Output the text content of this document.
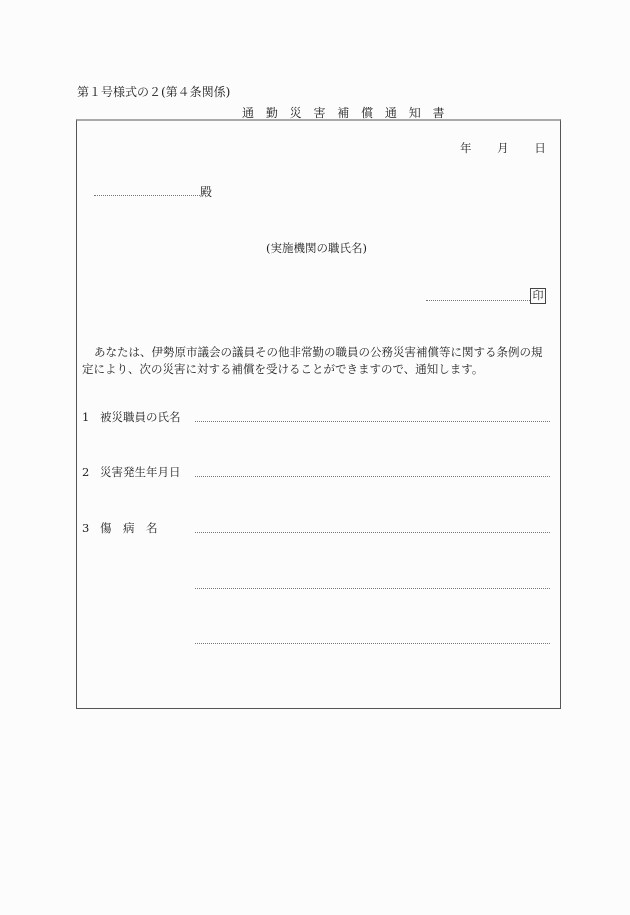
第１号様式の２(第４条関係)
通 勤 災 害 補 償 通 知 書
年 月 日
殿
(実施機関の職氏名)
印
あなたは、伊勢原市議会の議員その他非常勤の職員の公務災害補償等に関する条例の規定により、次の災害に対する補償を受けることができますので、通知します。
1 被災職員の氏名
2 災害発生年月日
3 傷　病　名
